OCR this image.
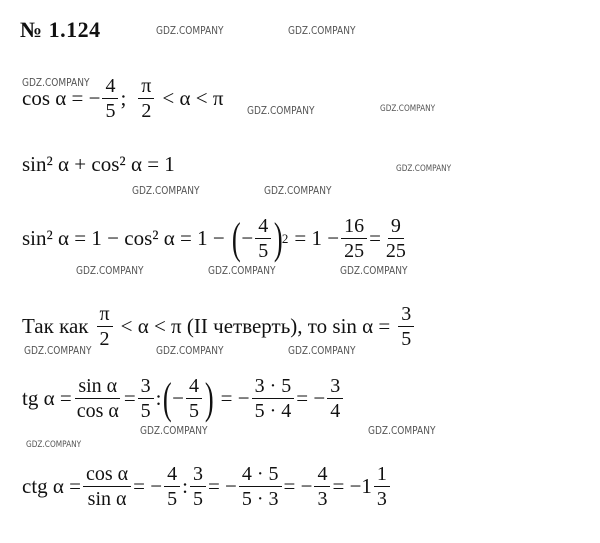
№ 1.124	GDZ.COMPANY	GDZ.COMPANY
GDZ.COMPANY
GDZ.COMPANY	GDZ.COMPANY
GDZ.COMPANY
GDZ.COMPANY	GDZ.COMPANY
GDZ.COMPANY	GDZ.COMPANY	GDZ.COMPANY
GDZ.COMPANY	GDZ.COMPANY	GDZ.COMPANY
GDZ.COMPANY	GDZ.COMPANY
GDZ.COMPANY
cos α = − $\frac{4}{5}$ ; $\frac{\pi}{2} < \alpha < \pi$
sin² α + cos² α = 1
sin² α = 1 − cos² α = 1 − ( − $\frac{4}{5}$ )
$2 = 1 - \frac{16}{25} = \frac{9}{25}$
Так как $\frac{\pi}{2} < \alpha < \pi$ (II четверть), то $\sin \alpha = \frac{3}{5}$
tg $\alpha = \frac{\text{sin α}}{\text{cos α}} = \frac{3}{5}$ : ( − $\frac{4}{5}$ ) = − $\frac{3 \cdot 5}{5 \cdot 4}$ = − $\frac{3}{4}$
ctg $\alpha = \frac{\text{cos α}}{\text{sin α}}$ = − $\frac{4}{5}$ : $\frac{3}{5}$ = − $\frac{4 \cdot 5}{5 \cdot 3}$ = − $\frac{4}{3} = -1 \frac{1}{3}$
